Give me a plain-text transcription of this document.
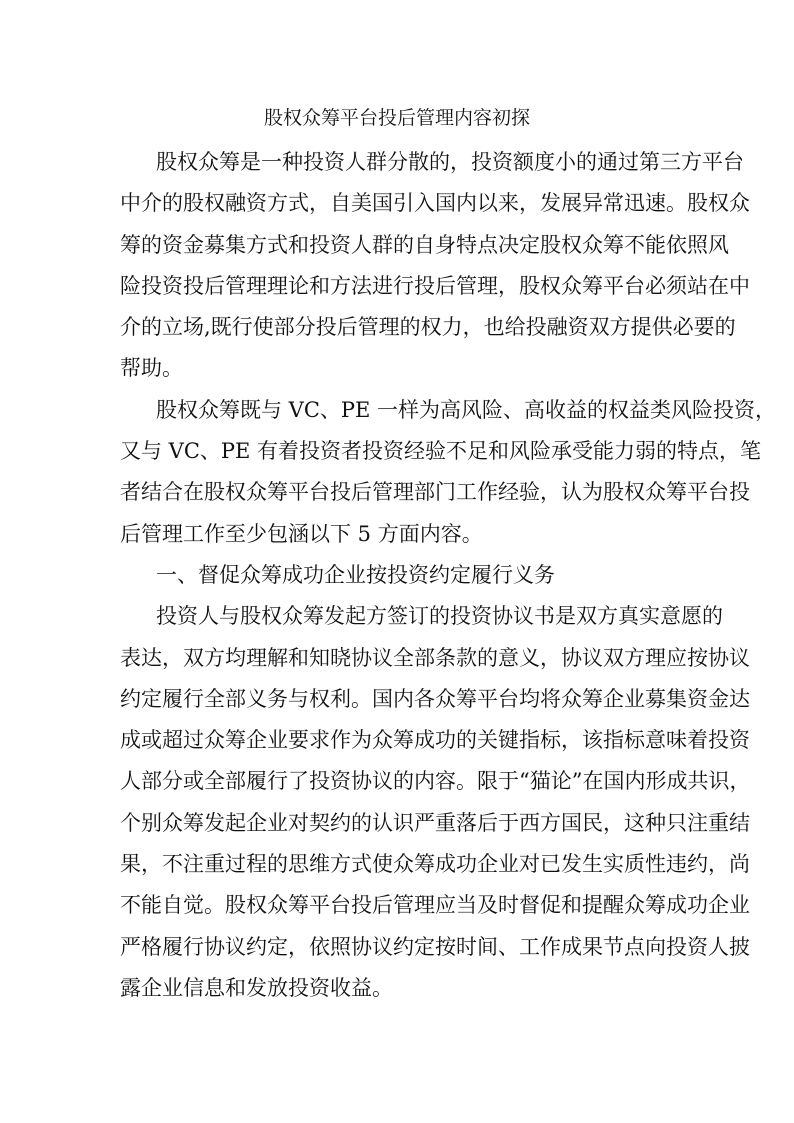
股权众筹平台投后管理内容初探
股权众筹是一种投资人群分散的，投资额度小的通过第三方平台
中介的股权融资方式，自美国引入国内以来，发展异常迅速。股权众
筹的资金募集方式和投资人群的自身特点决定股权众筹不能依照风
险投资投后管理理论和方法进行投后管理，股权众筹平台必须站在中
介的立场,既行使部分投后管理的权力，也给投融资双方提供必要的
帮助。
股权众筹既与 VC、PE 一样为高风险、高收益的权益类风险投资，
又与 VC、PE 有着投资者投资经验不足和风险承受能力弱的特点，笔
者结合在股权众筹平台投后管理部门工作经验，认为股权众筹平台投
后管理工作至少包涵以下 5 方面内容。
一、督促众筹成功企业按投资约定履行义务
投资人与股权众筹发起方签订的投资协议书是双方真实意愿的
表达，双方均理解和知晓协议全部条款的意义，协议双方理应按协议
约定履行全部义务与权利。国内各众筹平台均将众筹企业募集资金达
成或超过众筹企业要求作为众筹成功的关键指标，该指标意味着投资
人部分或全部履行了投资协议的内容。限于“猫论”在国内形成共识，
个别众筹发起企业对契约的认识严重落后于西方国民，这种只注重结
果，不注重过程的思维方式使众筹成功企业对已发生实质性违约，尚
不能自觉。股权众筹平台投后管理应当及时督促和提醒众筹成功企业
严格履行协议约定，依照协议约定按时间、工作成果节点向投资人披
露企业信息和发放投资收益。
